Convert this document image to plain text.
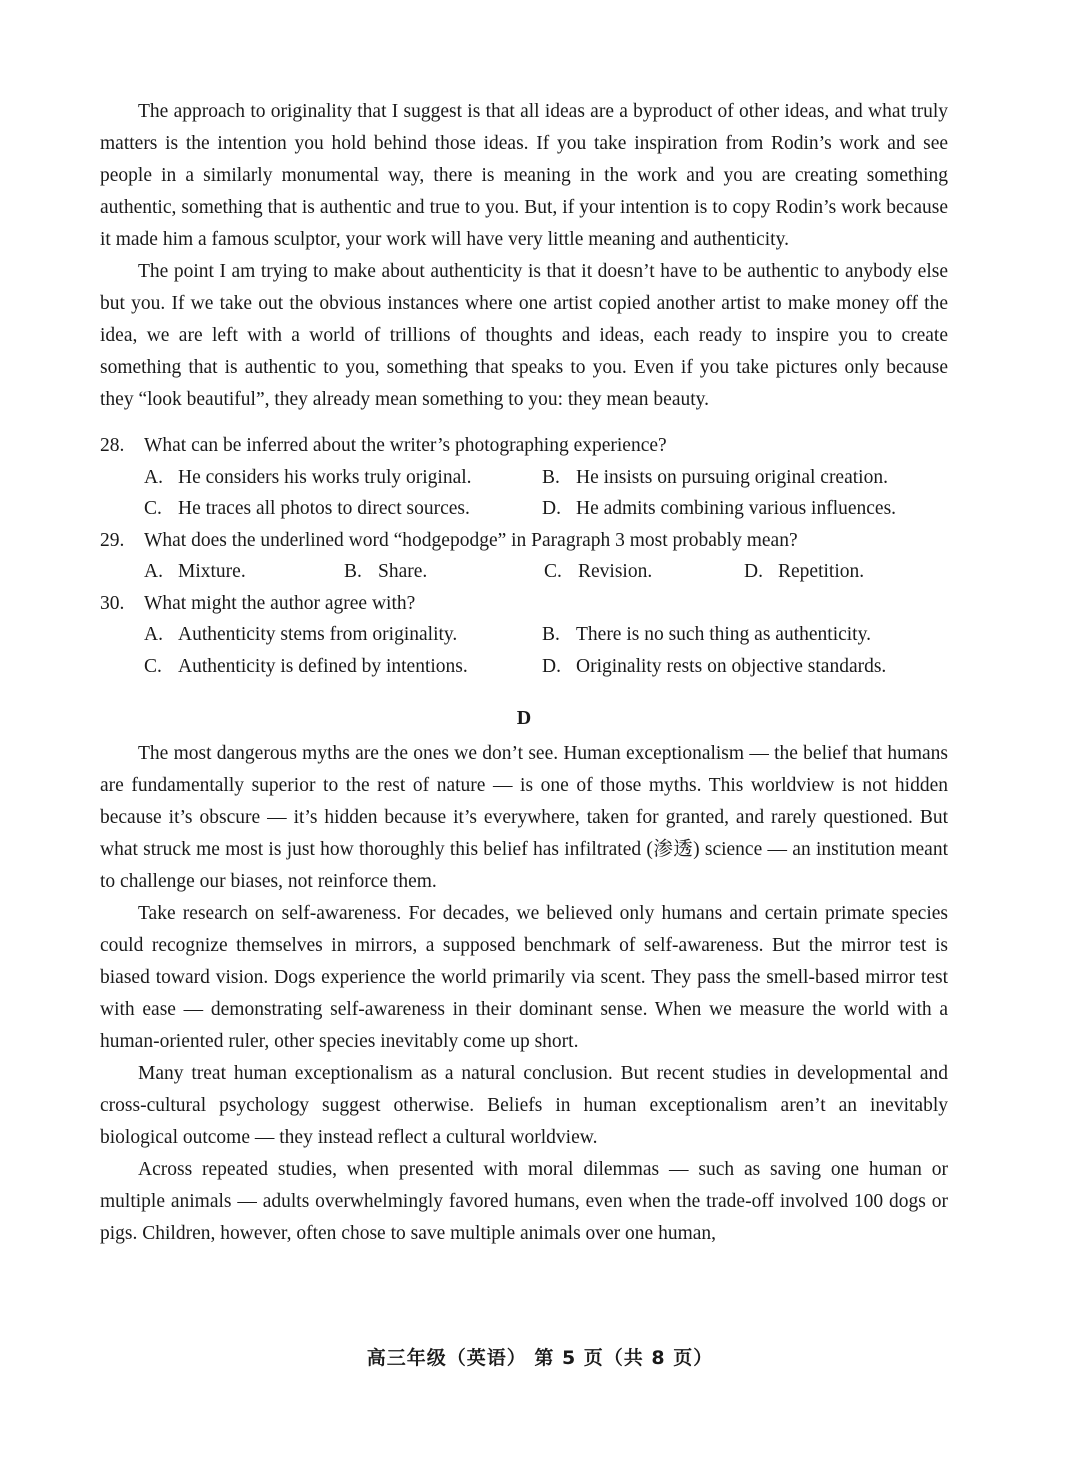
The approach to originality that I suggest is that all ideas are a byproduct of other ideas, and what truly matters is the intention you hold behind those ideas. If you take inspiration from Rodin’s work and see people in a similarly monumental way, there is meaning in the work and you are creating something authentic, something that is authentic and true to you. But, if your intention is to copy Rodin’s work because it made him a famous sculptor, your work will have very little meaning and authenticity.

The point I am trying to make about authenticity is that it doesn’t have to be authentic to anybody else but you. If we take out the obvious instances where one artist copied another artist to make money off the idea, we are left with a world of trillions of thoughts and ideas, each ready to inspire you to create something that is authentic to you, something that speaks to you. Even if you take pictures only because they “look beautiful”, they already mean something to you: they mean beauty.

28.	What can be inferred about the writer’s photographing experience?
A. He considers his works truly original.	B. He insists on pursuing original creation.
C. He traces all photos to direct sources.	D. He admits combining various influences.
29.	What does the underlined word “hodgepodge” in Paragraph 3 most probably mean?
A. Mixture.	B. Share.	C. Revision.	D. Repetition.
30.	What might the author agree with?
A. Authenticity stems from originality.	B. There is no such thing as authenticity.
C. Authenticity is defined by intentions.	D. Originality rests on objective standards.
D

The most dangerous myths are the ones we don’t see. Human exceptionalism — the belief that humans are fundamentally superior to the rest of nature — is one of those myths. This worldview is not hidden because it’s obscure — it’s hidden because it’s everywhere, taken for granted, and rarely questioned. But what struck me most is just how thoroughly this belief has infiltrated (渗透) science — an institution meant to challenge our biases, not reinforce them.

Take research on self-awareness. For decades, we believed only humans and certain primate species could recognize themselves in mirrors, a supposed benchmark of self-awareness. But the mirror test is biased toward vision. Dogs experience the world primarily via scent. They pass the smell-based mirror test with ease — demonstrating self-awareness in their dominant sense. When we measure the world with a human-oriented ruler, other species inevitably come up short.

Many treat human exceptionalism as a natural conclusion. But recent studies in developmental and cross-cultural psychology suggest otherwise. Beliefs in human exceptionalism aren’t an inevitably biological outcome — they instead reflect a cultural worldview.

Across repeated studies, when presented with moral dilemmas — such as saving one human or multiple animals — adults overwhelmingly favored humans, even when the trade-off involved 100 dogs or pigs. Children, however, often chose to save multiple animals over one human,

高三年级（英语） 第 5 页（共 8 页）
